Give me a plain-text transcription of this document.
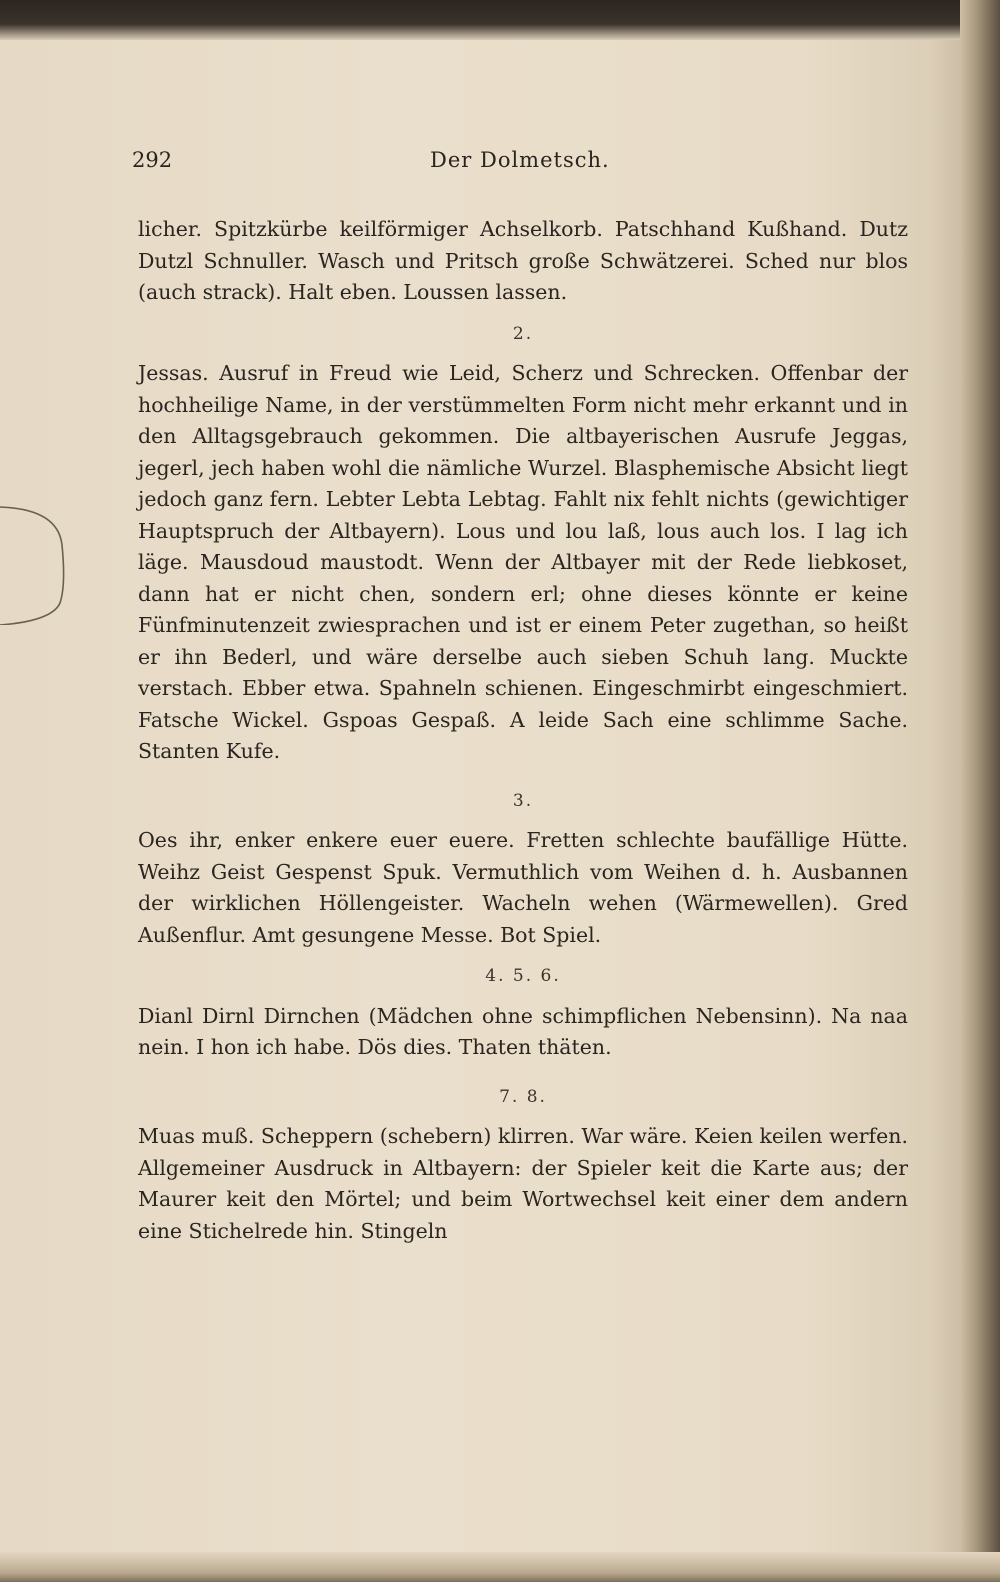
292	Der Dolmetsch.

licher. Spitzkürbe keilförmiger Achselkorb. Patschhand Kußhand. Dutz Dutzl Schnuller. Wasch und Pritsch große Schwätzerei. Sched nur blos (auch strack). Halt eben. Loussen lassen.

2.

Jessas. Ausruf in Freud wie Leid, Scherz und Schrecken. Offenbar der hochheilige Name, in der verstümmelten Form nicht mehr erkannt und in den Alltagsgebrauch gekommen. Die altbayerischen Ausrufe Jeggas, jegerl, jech haben wohl die nämliche Wurzel. Blasphemische Absicht liegt jedoch ganz fern. Lebter Lebta Lebtag. Fahlt nix fehlt nichts (gewichtiger Hauptspruch der Altbayern). Lous und lou laß, lous auch los. I lag ich läge. Mausdoud maustodt. Wenn der Altbayer mit der Rede liebkoset, dann hat er nicht chen, sondern erl; ohne dieses könnte er keine Fünfminutenzeit zwiesprachen und ist er einem Peter zugethan, so heißt er ihn Bederl, und wäre derselbe auch sieben Schuh lang. Muckte verstach. Ebber etwa. Spahneln schienen. Eingeschmirbt eingeschmiert. Fatsche Wickel. Gspoas Gespaß. A leide Sach eine schlimme Sache. Stanten Kufe.

3.

Oes ihr, enker enkere euer euere. Fretten schlechte baufällige Hütte. Weihz Geist Gespenst Spuk. Vermuthlich vom Weihen d. h. Ausbannen der wirklichen Höllengeister. Wacheln wehen (Wärmewellen). Gred Außenflur. Amt gesungene Messe. Bot Spiel.

4. 5. 6.

Dianl Dirnl Dirnchen (Mädchen ohne schimpflichen Nebensinn). Na naa nein. I hon ich habe. Dös dies. Thaten thäten.

7. 8.

Muas muß. Scheppern (schebern) klirren. War wäre. Keien keilen werfen. Allgemeiner Ausdruck in Altbayern: der Spieler keit die Karte aus; der Maurer keit den Mörtel; und beim Wortwechsel keit einer dem andern eine Stichelrede hin. Stingeln
